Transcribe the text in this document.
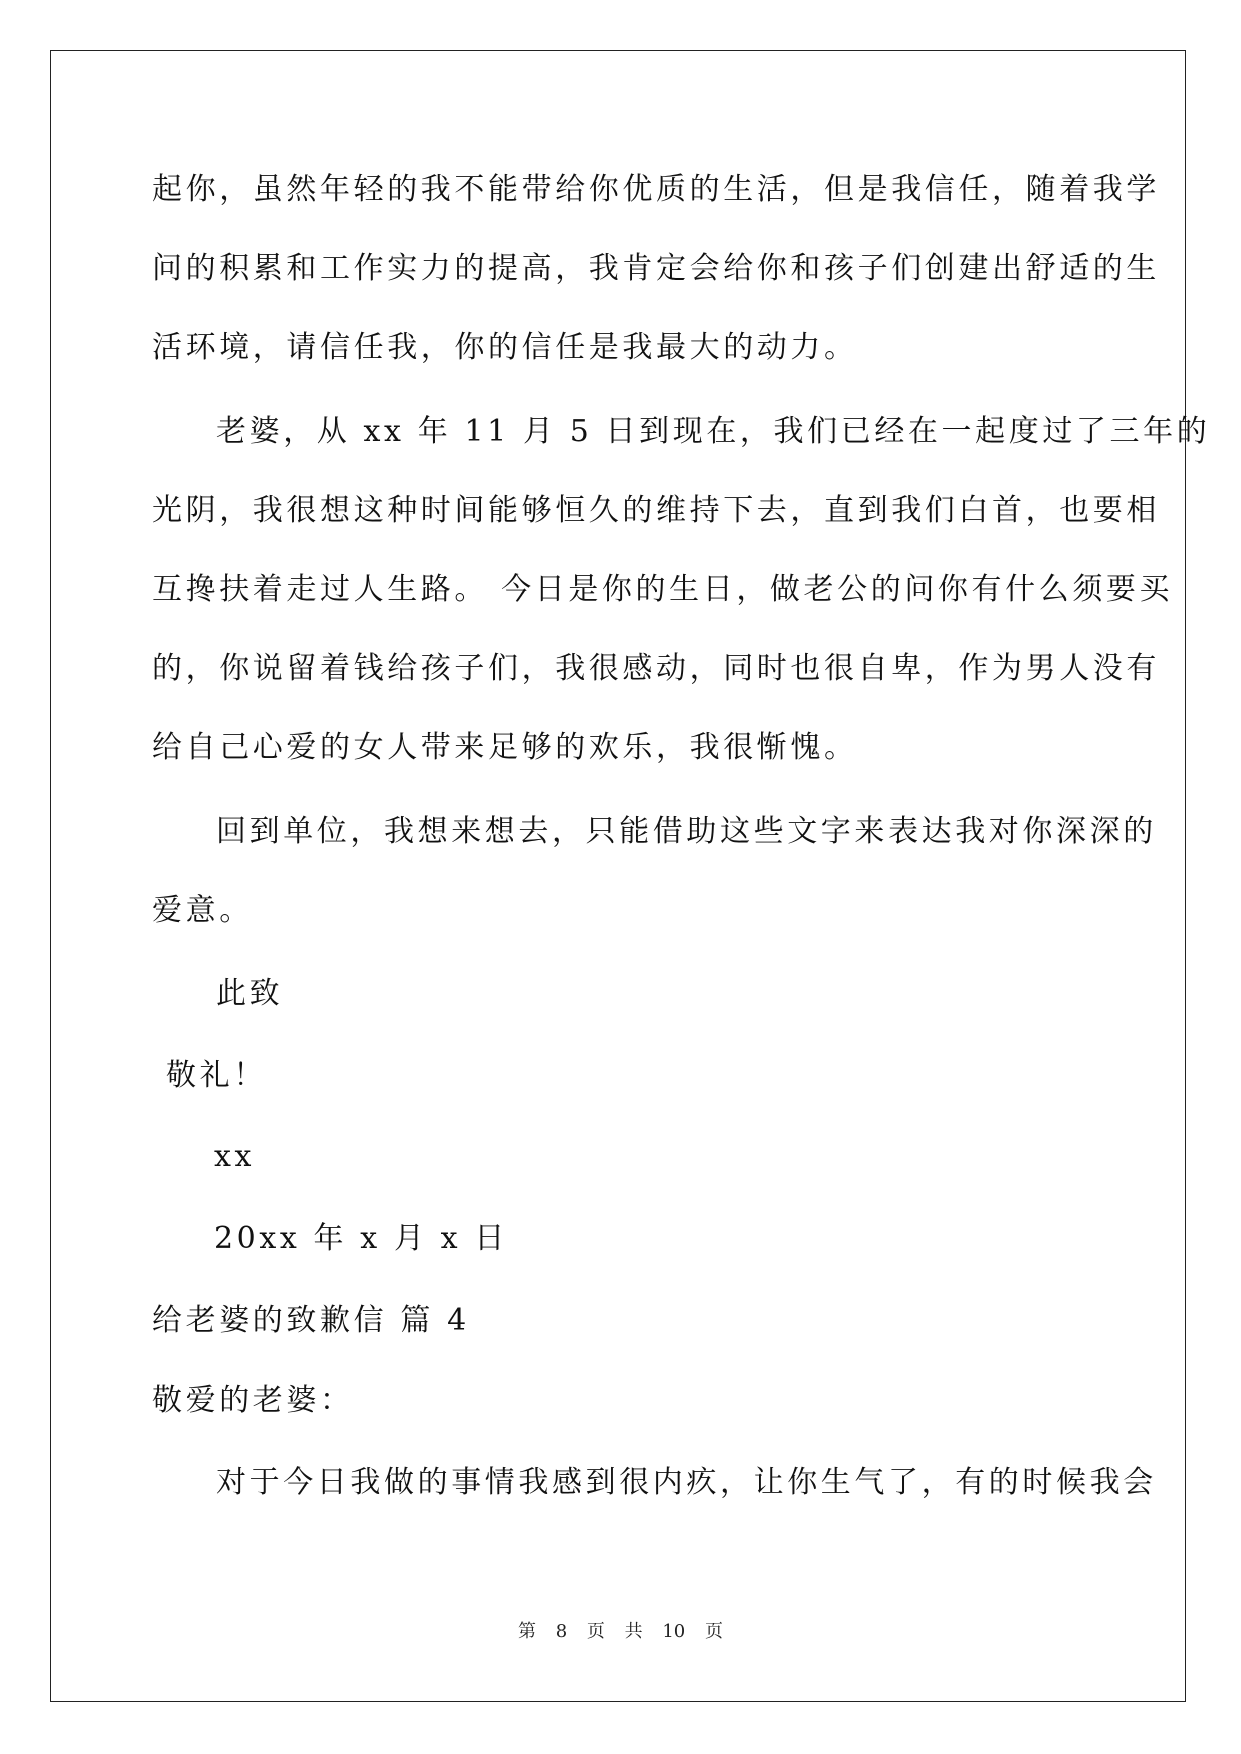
起你，虽然年轻的我不能带给你优质的生活，但是我信任，随着我学
问的积累和工作实力的提高，我肯定会给你和孩子们创建出舒适的生
活环境，请信任我，你的信任是我最大的动力。
老婆，从 xx 年 11 月 5 日到现在，我们已经在一起度过了三年的
光阴，我很想这种时间能够恒久的维持下去，直到我们白首，也要相
互搀扶着走过人生路。 今日是你的生日，做老公的问你有什么须要买
的，你说留着钱给孩子们，我很感动，同时也很自卑，作为男人没有
给自己心爱的女人带来足够的欢乐，我很惭愧。
回到单位，我想来想去，只能借助这些文字来表达我对你深深的
爱意。
此致
敬礼！
xx
20xx 年 x 月 x 日
给老婆的致歉信 篇 4
敬爱的老婆：
对于今日我做的事情我感到很内疚，让你生气了，有的时候我会
第 8 页 共 10 页
